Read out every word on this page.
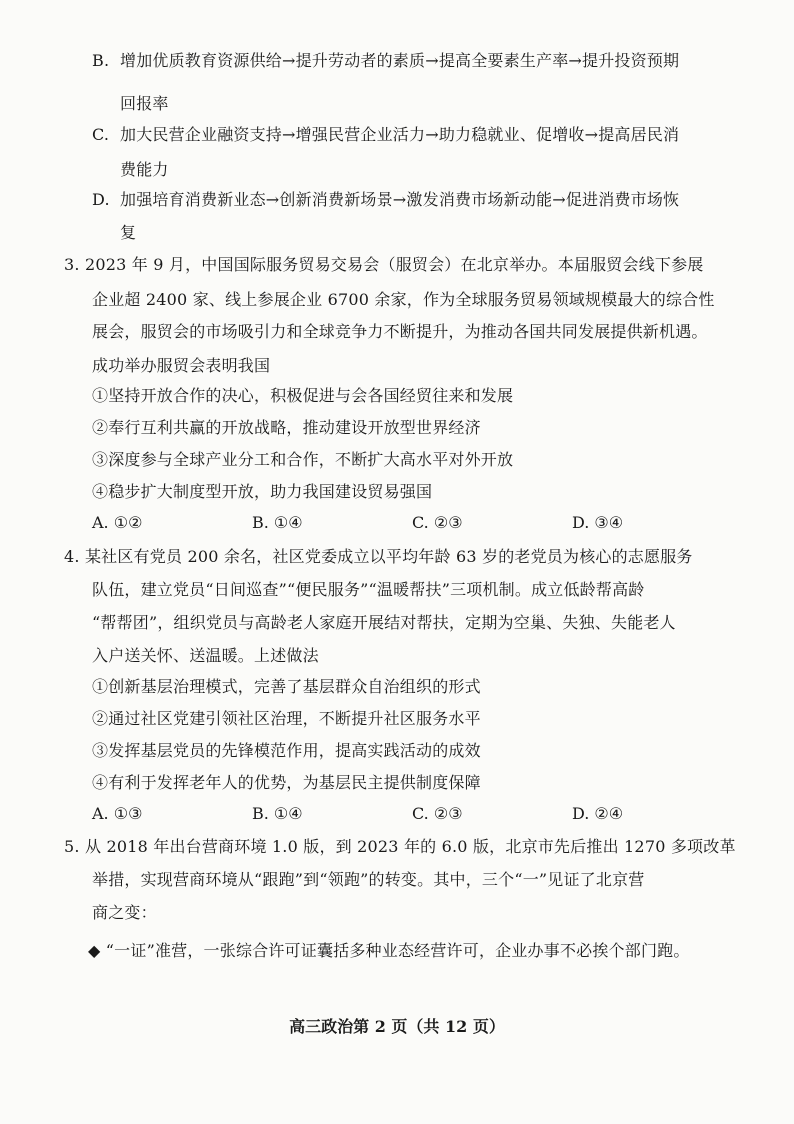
B. 增加优质教育资源供给→提升劳动者的素质→提高全要素生产率→提升投资预期
回报率
C. 加大民营企业融资支持→增强民营企业活力→助力稳就业、促增收→提高居民消
费能力
D. 加强培育消费新业态→创新消费新场景→激发消费市场新动能→促进消费市场恢
复
3. 2023 年 9 月，中国国际服务贸易交易会（服贸会）在北京举办。本届服贸会线下参展
企业超 2400 家、线上参展企业 6700 余家，作为全球服务贸易领域规模最大的综合性
展会，服贸会的市场吸引力和全球竞争力不断提升，为推动各国共同发展提供新机遇。
成功举办服贸会表明我国
①坚持开放合作的决心，积极促进与会各国经贸往来和发展
②奉行互利共赢的开放战略，推动建设开放型世界经济
③深度参与全球产业分工和合作，不断扩大高水平对外开放
④稳步扩大制度型开放，助力我国建设贸易强国
A. ①②	B. ①④	C. ②③	D. ③④
4. 某社区有党员 200 余名，社区党委成立以平均年龄 63 岁的老党员为核心的志愿服务
队伍，建立党员“日间巡查”“便民服务”“温暖帮扶”三项机制。成立低龄帮高龄
“帮帮团”，组织党员与高龄老人家庭开展结对帮扶，定期为空巢、失独、失能老人
入户送关怀、送温暖。上述做法
①创新基层治理模式，完善了基层群众自治组织的形式
②通过社区党建引领社区治理，不断提升社区服务水平
③发挥基层党员的先锋模范作用，提高实践活动的成效
④有利于发挥老年人的优势，为基层民主提供制度保障
A. ①③	B. ①④	C. ②③	D. ②④
5. 从 2018 年出台营商环境 1.0 版，到 2023 年的 6.0 版，北京市先后推出 1270 多项改革
举措，实现营商环境从“跟跑”到“领跑”的转变。其中，三个“一”见证了北京营
商之变：
◆ “一证”准营，一张综合许可证囊括多种业态经营许可，企业办事不必挨个部门跑。
高三政治第 2 页（共 12 页）
